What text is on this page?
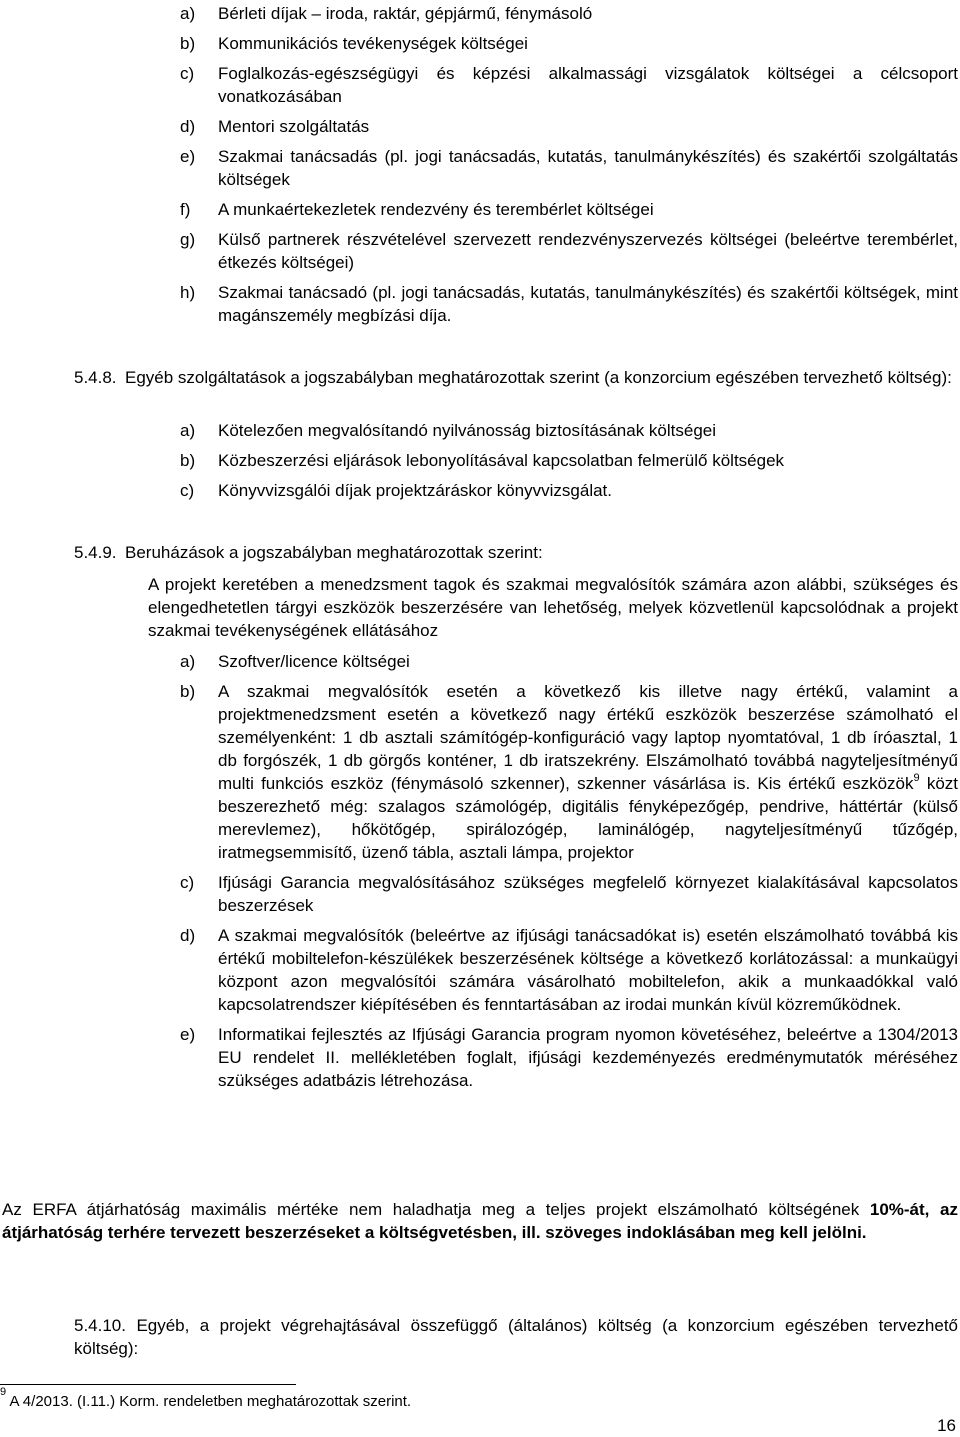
a)	Bérleti díjak – iroda, raktár, gépjármű, fénymásoló
b)	Kommunikációs tevékenységek költségei
c)	Foglalkozás-egészségügyi és képzési alkalmassági vizsgálatok költségei a célcsoport vonatkozásában
d)	Mentori szolgáltatás
e)	Szakmai tanácsadás (pl. jogi tanácsadás, kutatás, tanulmánykészítés) és szakértői szolgáltatás költségek
f)	A munkaértekezletek rendezvény és terembérlet költségei
g)	Külső partnerek részvételével szervezett rendezvényszervezés költségei (beleértve terembérlet, étkezés költségei)
h)	Szakmai tanácsadó (pl. jogi tanácsadás, kutatás, tanulmánykészítés) és szakértői költségek, mint magánszemély megbízási díja.
5.4.8. Egyéb szolgáltatások a jogszabályban meghatározottak szerint (a konzorcium egészében tervezhető költség):
a)	Kötelezően megvalósítandó nyilvánosság biztosításának költségei
b)	Közbeszerzési eljárások lebonyolításával kapcsolatban felmerülő költségek
c)	Könyvvizsgálói díjak projektzáráskor könyvvizsgálat.
5.4.9. Beruházások a jogszabályban meghatározottak szerint:
A projekt keretében a menedzsment tagok és szakmai megvalósítók számára azon alábbi, szükséges és elengedhetetlen tárgyi eszközök beszerzésére van lehetőség, melyek közvetlenül kapcsolódnak a projekt szakmai tevékenységének ellátásához
a)	Szoftver/licence költségei
b)	A szakmai megvalósítók esetén a következő kis illetve nagy értékű, valamint a projektmenedzsment esetén a következő nagy értékű eszközök beszerzése számolható el személyenként: 1 db asztali számítógép-konfiguráció vagy laptop nyomtatóval, 1 db íróasztal, 1 db forgószék, 1 db görgős konténer, 1 db iratszekrény. Elszámolható továbbá nagyteljesítményű multi funkciós eszköz (fénymásoló szkenner), szkenner vásárlása is. Kis értékű eszközök$^9$ közt beszerezhető még: szalagos számológép, digitális fényképezőgép, pendrive, háttértár (külső merevlemez), hőkötőgép, spirálozógép, laminálógép, nagyteljesítményű tűzőgép, iratmegsemmisítő, üzenő tábla, asztali lámpa, projektor
c)	Ifjúsági Garancia megvalósításához szükséges megfelelő környezet kialakításával kapcsolatos beszerzések
d)	A szakmai megvalósítók (beleértve az ifjúsági tanácsadókat is) esetén elszámolható továbbá kis értékű mobiltelefon-készülékek beszerzésének költsége a következő korlátozással: a munkaügyi központ azon megvalósítói számára vásárolható mobiltelefon, akik a munkaadókkal való kapcsolatrendszer kiépítésében és fenntartásában az irodai munkán kívül közreműködnek.
e)	Informatikai fejlesztés az Ifjúsági Garancia program nyomon követéséhez, beleértve a 1304/2013 EU rendelet II. mellékletében foglalt, ifjúsági kezdeményezés eredménymutatók méréséhez szükséges adatbázis létrehozása.
Az ERFA átjárhatóság maximális mértéke nem haladhatja meg a teljes projekt elszámolható költségének 10%-át, az átjárhatóság terhére tervezett beszerzéseket a költségvetésben, ill. szöveges indoklásában meg kell jelölni.
5.4.10. Egyéb, a projekt végrehajtásával összefüggő (általános) költség (a konzorcium egészében tervezhető költség):
$^9$ A 4/2013. (I.11.) Korm. rendeletben meghatározottak szerint.
16
